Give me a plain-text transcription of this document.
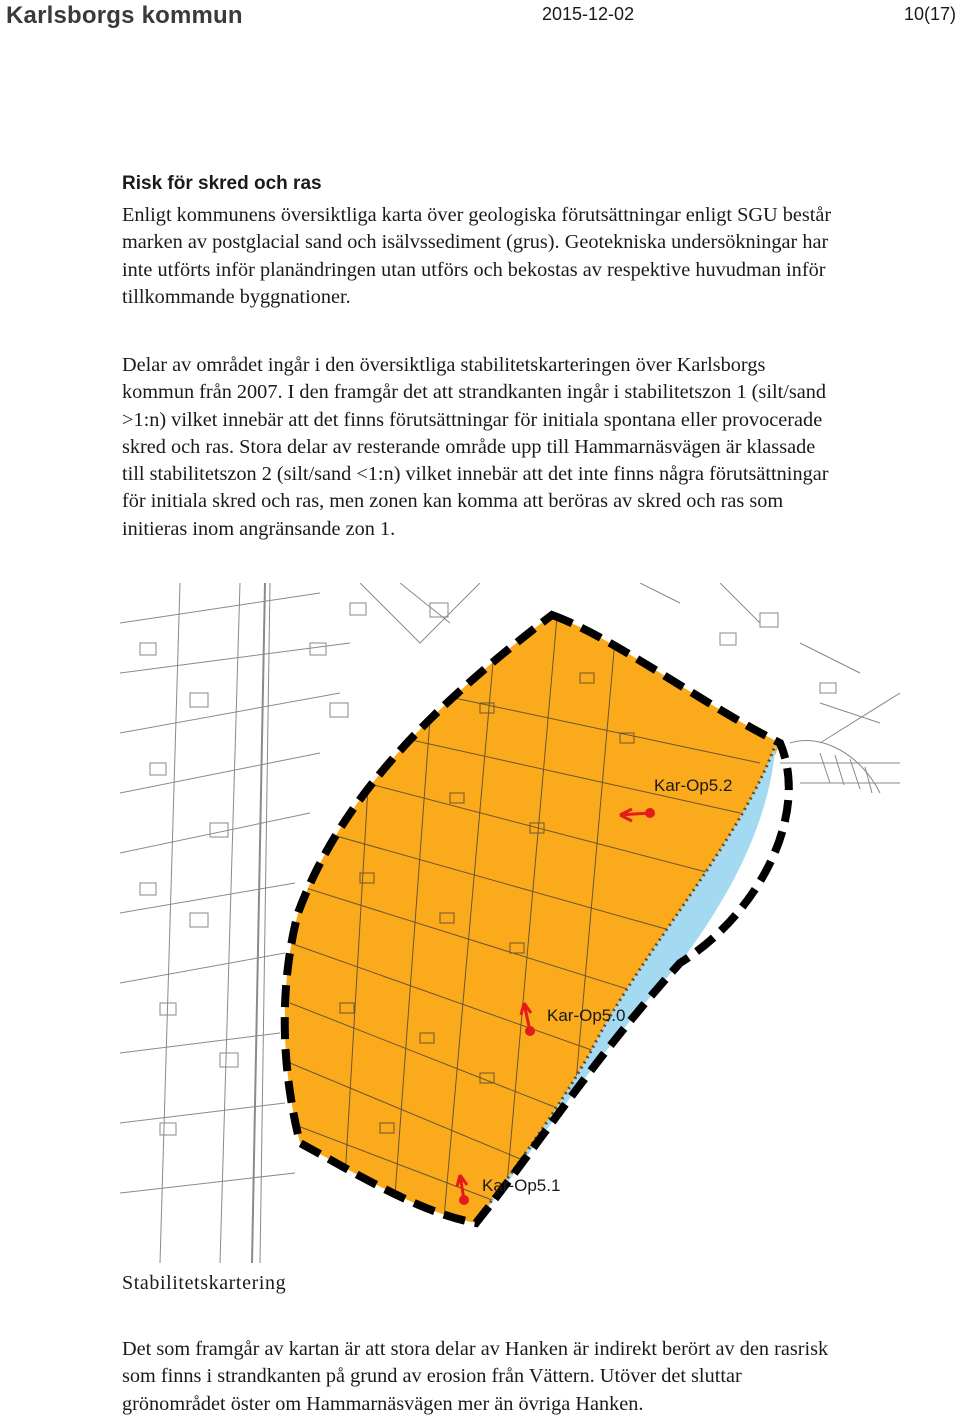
Karlsborgs kommun	2015-12-02	10(17)
Risk för skred och ras
Enligt kommunens översiktliga karta över geologiska förutsättningar enligt SGU består
marken av postglacial sand och isälvssediment (grus). Geotekniska undersökningar har
inte utförts inför planändringen utan utförs och bekostas av respektive huvudman inför
tillkommande byggnationer.
Delar av området ingår i den översiktliga stabilitetskarteringen över Karlsborgs
kommun från 2007. I den framgår det att strandkanten ingår i stabilitetszon 1 (silt/sand
>1:n) vilket innebär att det finns förutsättningar för initiala spontana eller provocerade
skred och ras. Stora delar av resterande område upp till Hammarnäsvägen är klassade
till stabilitetszon 2 (silt/sand <1:n) vilket innebär att det inte finns några förutsättningar
för initiala skred och ras, men zonen kan komma att beröras av skred och ras som
initieras inom angränsande zon 1.
Kar-Op5.2
Kar-Op5.0
Kar-Op5.1
Stabilitetskartering
Det som framgår av kartan är att stora delar av Hanken är indirekt berört av den rasrisk
som finns i strandkanten på grund av erosion från Vättern. Utöver det sluttar
grönområdet öster om Hammarnäsvägen mer än övriga Hanken.
